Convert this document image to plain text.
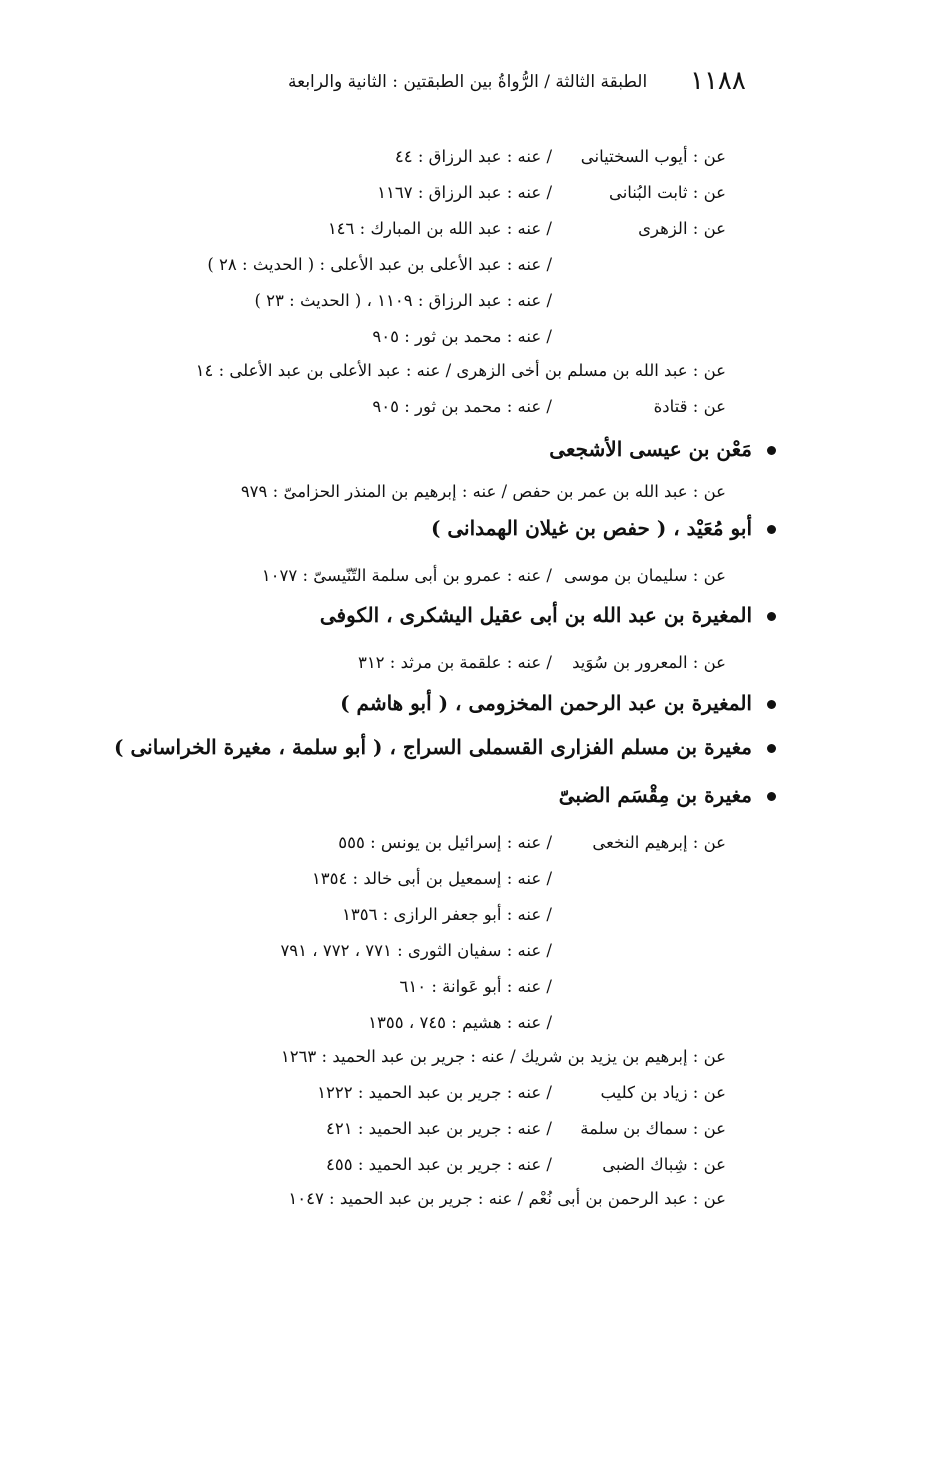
١١٨٨
الطبقة الثالثة / الرُّواةُ بين الطبقتين : الثانية والرابعة
عن : أيوب السختيانى
/ عنه : عبد الرزاق : ٤٤
عن : ثابت البُنانى
/ عنه : عبد الرزاق : ١١٦٧
عن : الزهرى
/ عنه : عبد الله بن المبارك : ١٤٦
/ عنه : عبد الأعلى بن عبد الأعلى : ( الحديث : ٢٨ )
/ عنه : عبد الرزاق : ١١٠٩ ، ( الحديث : ٢٣ )
/ عنه : محمد بن ثور : ٩٠٥
عن : عبد الله بن مسلم بن أخى الزهرى / عنه : عبد الأعلى بن عبد الأعلى : ١٤
عن : قتادة
/ عنه : محمد بن ثور : ٩٠٥
مَعْن بن عيسى الأشجعى
عن : عبد الله بن عمر بن حفص / عنه : إبرهيم بن المنذر الحزامىّ : ٩٧٩
أبو مُعَيْد ، ( حفص بن غيلان الهمدانى )
عن : سليمان بن موسى
/ عنه : عمرو بن أبى سلمة التّنّيسىّ : ١٠٧٧
المغيرة بن عبد الله بن أبى عقيل اليشكرى ، الكوفى
عن : المعرور بن سُوَيد
/ عنه : علقمة بن مرثد : ٣١٢
المغيرة بن عبد الرحمن المخزومى ، ( أبو هاشم )
مغيرة بن مسلم الفزارى القسملى السراج ، ( أبو سلمة ، مغيرة الخراسانى )
مغيرة بن مِقْسَم الضبىّ
عن : إبرهيم النخعى
/ عنه : إسرائيل بن يونس : ٥٥٥
/ عنه : إسمعيل بن أبى خالد : ١٣٥٤
/ عنه : أبو جعفر الرازى : ١٣٥٦
/ عنه : سفيان الثورى : ٧٧١ ، ٧٧٢ ، ٧٩١
/ عنه : أبو عَوانة : ٦١٠
/ عنه : هشيم : ٧٤٥ ، ١٣٥٥
عن : إبرهيم بن يزيد بن شريك / عنه : جرير بن عبد الحميد : ١٢٦٣
عن : زياد بن كليب
/ عنه : جرير بن عبد الحميد : ١٢٢٢
عن : سماك بن سلمة
/ عنه : جرير بن عبد الحميد : ٤٢١
عن : شِباك الضبى
/ عنه : جرير بن عبد الحميد : ٤٥٥
عن : عبد الرحمن بن أبى نُعْم / عنه : جرير بن عبد الحميد : ١٠٤٧
